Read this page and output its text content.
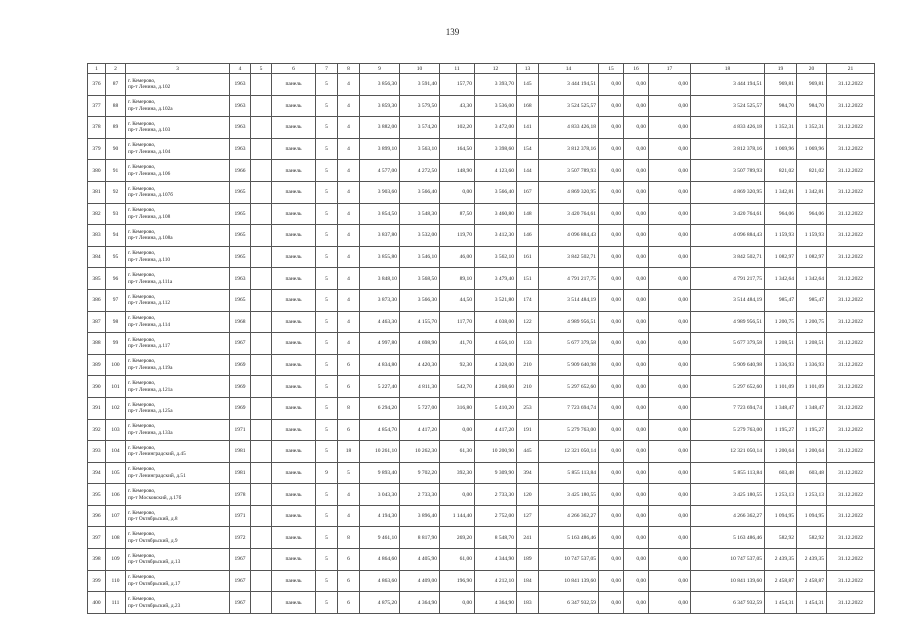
139
1	2	3	4	5	6	7	8	9	10	11	12	13	14	15	16	17	18	19	20	21
376	87	г. Кемерово,
пр-т Ленина, д.102	1963		панель	5	4	3 856,30	3 591,40	157,70	3 393,70	145	3 444 194,51	0,00	0,00	0,00	3 444 194,51	969,81	969,81	31.12.2022
377	88	г. Кемерово,
пр-т Ленина, д.102а	1963		панель	5	4	3 859,30	3 579,50	43,30	3 536,00	168	3 524 525,57	0,00	0,00	0,00	3 524 525,57	984,70	984,70	31.12.2022
378	89	г. Кемерово,
пр-т Ленина, д.103	1963		панель	5	4	3 882,00	3 574,20	102,20	3 472,00	141	4 833 426,18	0,00	0,00	0,00	4 833 426,18	1 352,31	1 352,31	31.12.2022
379	90	г. Кемерово,
пр-т Ленина, д.104	1963		панель	5	4	3 899,10	3 563,10	164,50	3 398,60	154	3 812 378,16	0,00	0,00	0,00	3 812 378,16	1 069,96	1 069,96	31.12.2022
380	91	г. Кемерово,
пр-т Ленина, д.106	1966		панель	5	4	4 577,00	4 272,50	148,90	4 123,60	144	3 507 789,93	0,00	0,00	0,00	3 507 789,93	821,02	821,02	31.12.2022
381	92	г. Кемерово,
пр-т Ленина, д.107б	1965		панель	5	4	3 903,60	3 566,40	0,00	3 566,40	167	4 869 320,95	0,00	0,00	0,00	4 869 320,95	1 342,81	1 342,81	31.12.2022
382	93	г. Кемерово,
пр-т Ленина, д.108	1965		панель	5	4	3 854,50	3 548,30	87,50	3 460,80	148	3 420 764,61	0,00	0,00	0,00	3 420 764,61	964,06	964,06	31.12.2022
383	94	г. Кемерово,
пр-т Ленина, д.108а	1965		панель	5	4	3 837,80	3 532,00	119,70	3 412,30	146	4 096 884,43	0,00	0,00	0,00	4 096 884,43	1 159,93	1 159,93	31.12.2022
384	95	г. Кемерово,
пр-т Ленина, д.110	1965		панель	5	4	3 855,80	3 546,10	46,00	3 562,10	161	3 842 502,71	0,00	0,00	0,00	3 842 502,71	1 082,97	1 082,97	31.12.2022
385	96	г. Кемерово,
пр-т Ленина, д.111а	1963		панель	5	4	3 848,10	3 568,50	89,10	3 479,40	151	4 791 217,75	0,00	0,00	0,00	4 791 217,75	1 342,64	1 342,64	31.12.2022
386	97	г. Кемерово,
пр-т Ленина, д.112	1965		панель	5	4	3 873,30	3 566,30	44,50	3 521,80	174	3 514 484,19	0,00	0,00	0,00	3 514 484,19	985,47	985,47	31.12.2022
387	98	г. Кемерово,
пр-т Ленина, д.114	1968		панель	5	4	4 463,30	4 155,70	117,70	4 038,00	122	4 989 956,51	0,00	0,00	0,00	4 989 956,51	1 200,75	1 200,75	31.12.2022
388	99	г. Кемерово,
пр-т Ленина, д.117	1967		панель	5	4	4 997,80	4 698,90	41,70	4 656,10	133	5 677 379,58	0,00	0,00	0,00	5 677 379,58	1 208,51	1 208,51	31.12.2022
389	100	г. Кемерово,
пр-т Ленина, д.119а	1969		панель	5	6	4 834,80	4 420,30	92,30	4 328,00	210	5 909 640,98	0,00	0,00	0,00	5 909 640,98	1 336,93	1 336,93	31.12.2022
390	101	г. Кемерово,
пр-т Ленина, д.121а	1969		панель	5	6	5 227,40	4 811,30	542,70	4 268,60	210	5 297 652,60	0,00	0,00	0,00	5 297 652,60	1 101,09	1 101,09	31.12.2022
391	102	г. Кемерово,
пр-т Ленина, д.125а	1969		панель	5	8	6 294,20	5 727,00	316,80	5 410,20	253	7 723 694,74	0,00	0,00	0,00	7 723 694,74	1 348,47	1 348,47	31.12.2022
392	103	г. Кемерово,
пр-т Ленина, д.133а	1971		панель	5	6	4 854,70	4 417,20	0,00	4 417,20	191	5 279 763,00	0,00	0,00	0,00	5 279 763,00	1 195,27	1 195,27	31.12.2022
393	104	г. Кемерово,
пр-т Ленинградский, д.45	1981		панель	5	18	10 261,10	10 262,30	61,30	10 200,90	445	12 321 050,14	0,00	0,00	0,00	12 321 050,14	1 200,64	1 200,64	31.12.2022
394	105	г. Кемерово,
пр-т Ленинградский, д.51	1981		панель	9	5	9 893,40	9 702,20	392,30	9 309,90	394	5 855 113,84	0,00	0,00	0,00	5 855 113,84	603,48	603,48	31.12.2022
395	106	г. Кемерово,
пр-т Московский, д.17б	1978		панель	5	4	3 043,30	2 733,30	0,00	2 733,30	120	3 425 180,55	0,00	0,00	0,00	3 425 180,55	1 253,13	1 253,13	31.12.2022
396	107	г. Кемерово,
пр-т Октябрьский, д.8	1971		панель	5	4	4 194,30	3 896,40	1 144,40	2 752,00	127	4 266 362,27	0,00	0,00	0,00	4 266 362,27	1 094,95	1 094,95	31.12.2022
397	108	г. Кемерово,
пр-т Октябрьский, д.9	1972		панель	5	8	9 461,10	8 817,90	269,20	8 548,70	241	5 163 486,46	0,00	0,00	0,00	5 163 486,46	582,92	582,92	31.12.2022
398	109	г. Кемерово,
пр-т Октябрьский, д.13	1967		панель	5	6	4 864,60	4 405,90	61,00	4 344,90	189	10 747 537,05	0,00	0,00	0,00	10 747 537,05	2 439,35	2 439,35	31.12.2022
399	110	г. Кемерово,
пр-т Октябрьский, д.17	1967		панель	5	6	4 863,60	4 409,00	196,90	4 212,10	184	10 841 139,60	0,00	0,00	0,00	10 841 139,60	2 458,87	2 458,87	31.12.2022
400	111	г. Кемерово,
пр-т Октябрьский, д.23	1967		панель	5	6	4 875,20	4 364,90	0,00	4 364,90	183	6 347 932,59	0,00	0,00	0,00	6 347 932,59	1 454,31	1 454,31	31.12.2022
